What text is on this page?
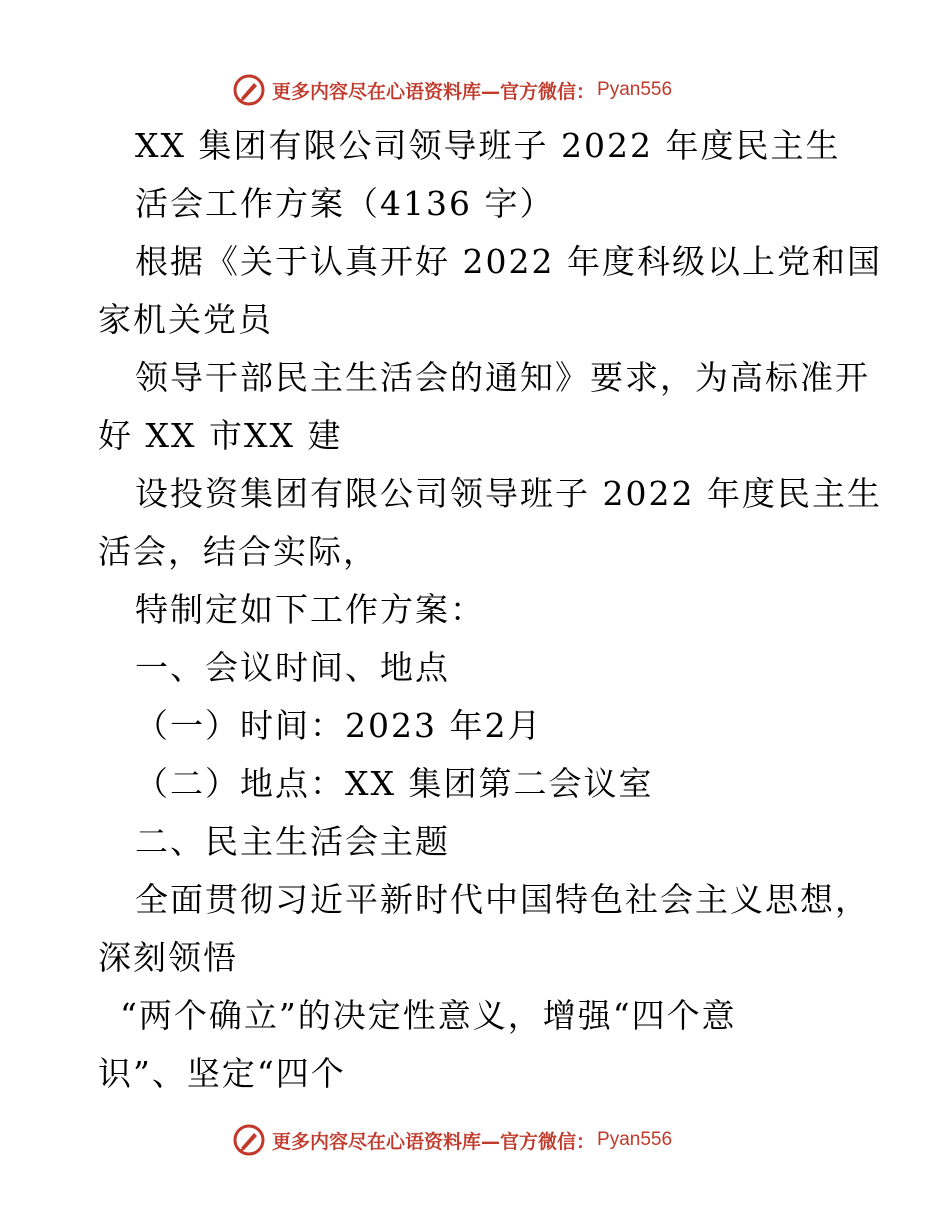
更多内容尽在心语资料库—官方微信： Pyan556
XX 集团有限公司领导班子 2022 年度民主生
活会工作方案（4136 字）
根据《关于认真开好 2022 年度科级以上党和国
家机关党员
领导干部民主生活会的通知》要求，为高标准开
好 XX 市XX 建
设投资集团有限公司领导班子 2022 年度民主生
活会，结合实际，
特制定如下工作方案：
一、会议时间、地点
（一）时间：2023 年2月
（二）地点：XX 集团第二会议室
二、民主生活会主题
全面贯彻习近平新时代中国特色社会主义思想，
深刻领悟
“两个确立”的决定性意义，增强“四个意
识”、坚定“四个
更多内容尽在心语资料库—官方微信： Pyan556
